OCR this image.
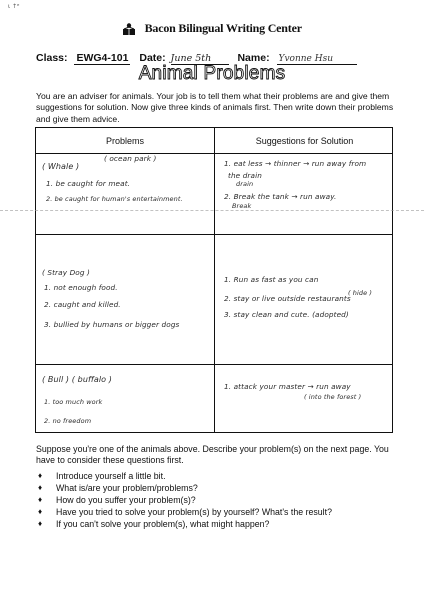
ι ↑ᵉ
Bacon Bilingual Writing Center
Class: EWG4-101 Date: June 5th	Name: Yvonne Hsu
Animal Problems
You are an adviser for animals. Your job is to tell them what their problems are and give them suggestions for solution. Now give three kinds of animals first. Then write down their problems and give them advice.
Problems	Suggestions for Solution
( ocean park )
( Whale )
1. be caught for meat.
2. be caught for human's entertainment.
1. eat less → thinner → run away from
the drain
drain
2. Break the tank → run away.
Break
( Stray Dog )
1. not enough food.
2. caught and killed.
3. bullied by humans or bigger dogs
1. Run as fast as you can
2. stay or live outside restaurants
( hide )
3. stay clean and cute. (adopted)
( Bull ) ( buffalo )
1. too much work
2. no freedom
1. attack your master → run away
( into the forest )
Suppose you're one of the animals above. Describe your problem(s) on the next page. You have to consider these questions first.
♦ Introduce yourself a little bit.
♦ What is/are your problem/problems?
♦ How do you suffer your problem(s)?
♦ Have you tried to solve your problem(s) by yourself? What's the result?
♦ If you can't solve your problem(s), what might happen?
